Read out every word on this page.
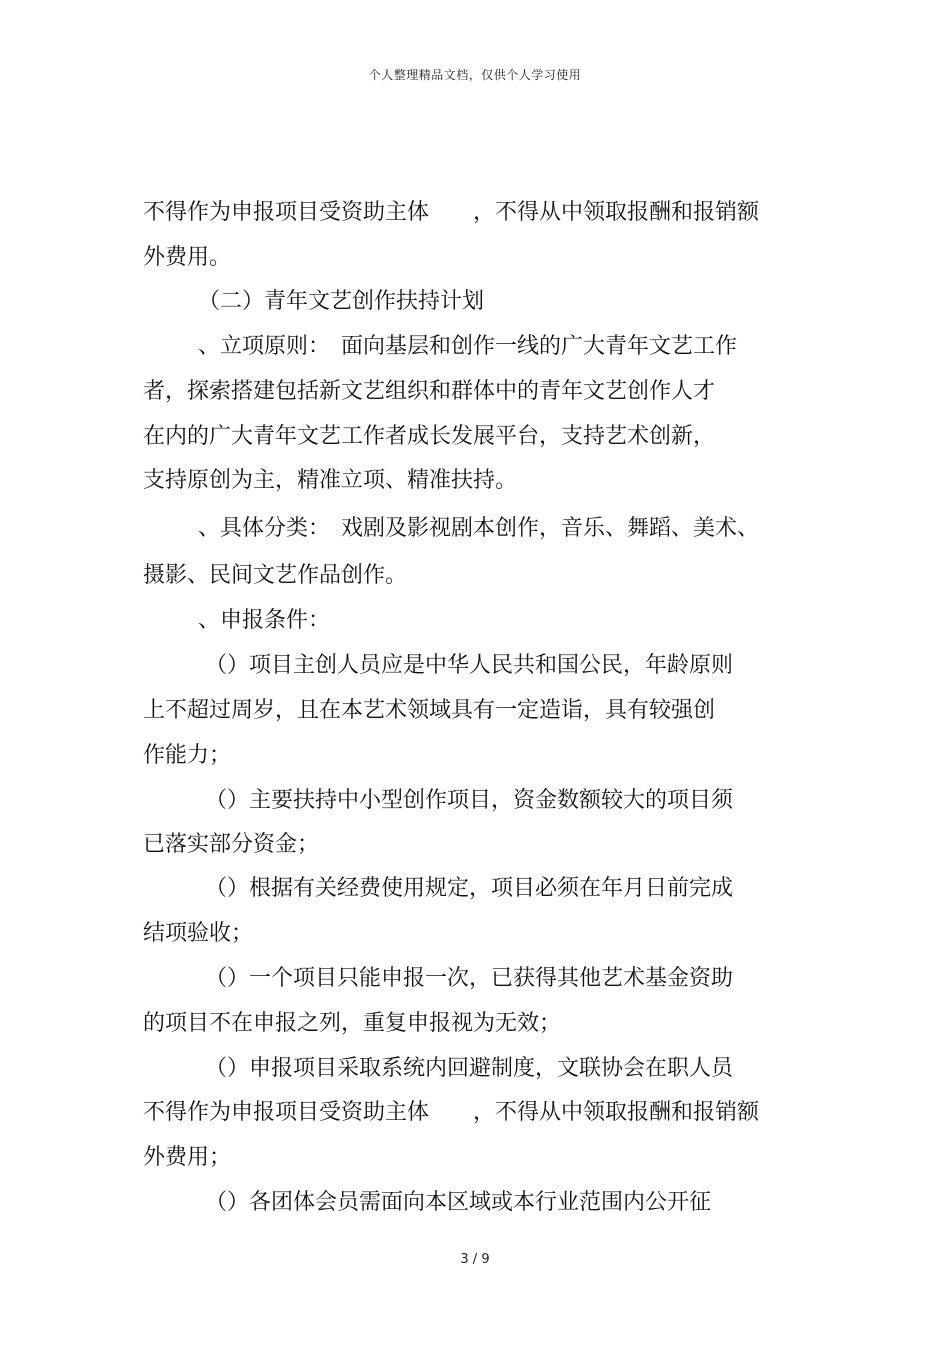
个人整理精品文档，仅供个人学习使用
不得作为申报项目受资助主体　　，不得从中领取报酬和报销额
外费用。
（二）青年文艺创作扶持计划
、立项原则：　面向基层和创作一线的广大青年文艺工作
者，探索搭建包括新文艺组织和群体中的青年文艺创作人才
在内的广大青年文艺工作者成长发展平台，支持艺术创新，
支持原创为主，精准立项、精准扶持。
、具体分类：　戏剧及影视剧本创作，音乐、舞蹈、美术、
摄影、民间文艺作品创作。
、申报条件：
（）项目主创人员应是中华人民共和国公民，年龄原则
上不超过周岁，且在本艺术领域具有一定造诣，具有较强创
作能力；
（）主要扶持中小型创作项目，资金数额较大的项目须
已落实部分资金；
（）根据有关经费使用规定，项目必须在年月日前完成
结项验收；
（）一个项目只能申报一次，已获得其他艺术基金资助
的项目不在申报之列，重复申报视为无效；
（）申报项目采取系统内回避制度，文联协会在职人员
不得作为申报项目受资助主体　　，不得从中领取报酬和报销额
外费用；
（）各团体会员需面向本区域或本行业范围内公开征
3 / 9
